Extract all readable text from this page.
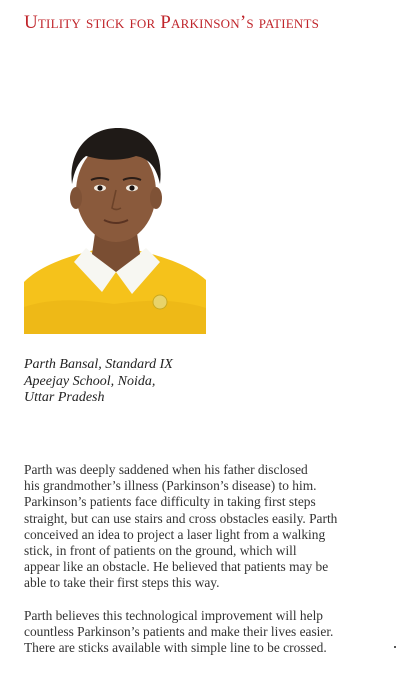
Utility stick for Parkinson’s patients
Parth Bansal, Standard IX
Apeejay School, Noida,
Uttar Pradesh

Parth was deeply saddened when his father disclosed
his grandmother’s illness (Parkinson’s disease) to him.
Parkinson’s patients face difficulty in taking first steps
straight, but can use stairs and cross obstacles easily. Parth
conceived an idea to project a laser light from a walking
stick, in front of patients on the ground, which will
appear like an obstacle. He believed that patients may be
able to take their first steps this way.

Parth believes this technological improvement will help
countless Parkinson’s patients and make their lives easier.
There are sticks available with simple line to be crossed.
